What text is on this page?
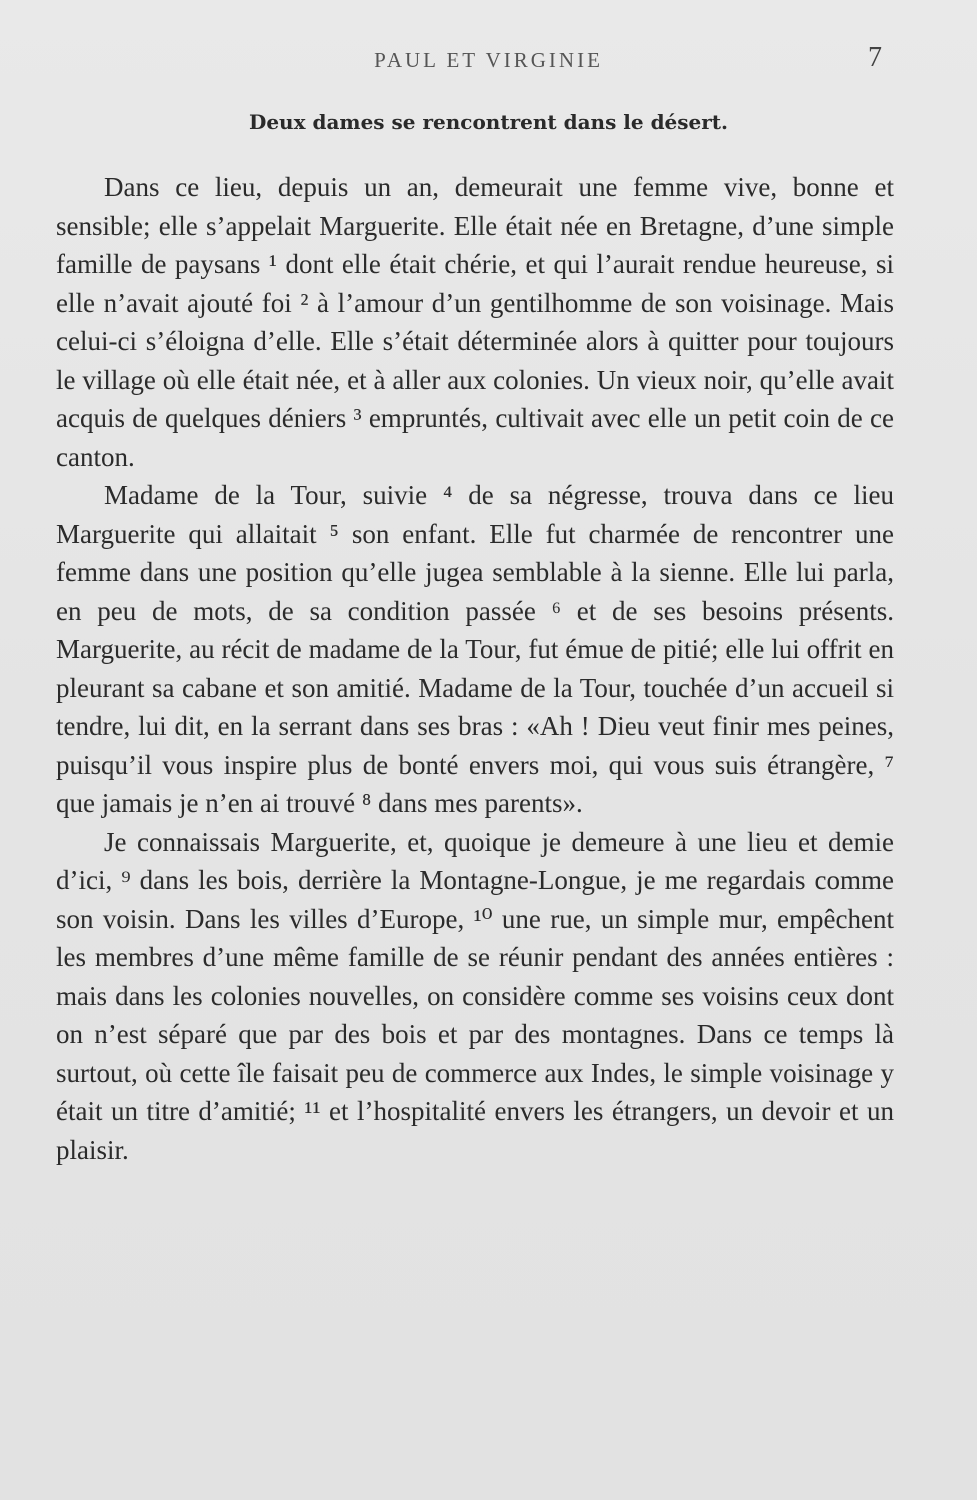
PAUL ET VIRGINIE	7
Deux dames se rencontrent dans le désert.

Dans ce lieu, depuis un an, demeurait une femme vive, bonne et sensible; elle s’appelait Marguerite. Elle était née en Bretagne, d’une simple famille de paysans ¹ dont elle était chérie, et qui l’aurait rendue heureuse, si elle n’avait ajouté foi ² à l’amour d’un gentilhomme de son voisinage. Mais celui-ci s’éloigna d’elle. Elle s’était déterminée alors à quitter pour toujours le village où elle était née, et à aller aux colonies. Un vieux noir, qu’elle avait acquis de quelques déniers ³ empruntés, cultivait avec elle un petit coin de ce canton.

Madame de la Tour, suivie ⁴ de sa négresse, trouva dans ce lieu Marguerite qui allaitait ⁵ son enfant. Elle fut charmée de rencontrer une femme dans une position qu’elle jugea semblable à la sienne. Elle lui parla, en peu de mots, de sa condition passée ⁶ et de ses besoins présents. Marguerite, au récit de madame de la Tour, fut émue de pitié; elle lui offrit en pleurant sa cabane et son amitié. Madame de la Tour, touchée d’un accueil si tendre, lui dit, en la serrant dans ses bras : «Ah ! Dieu veut finir mes peines, puisqu’il vous inspire plus de bonté envers moi, qui vous suis étrangère, ⁷ que jamais je n’en ai trouvé ⁸ dans mes parents».

Je connaissais Marguerite, et, quoique je demeure à une lieu et demie d’ici, ⁹ dans les bois, derrière la Montagne-Longue, je me regardais comme son voisin. Dans les villes d’Europe, ¹⁰ une rue, un simple mur, empêchent les membres d’une même famille de se réunir pendant des années entières : mais dans les colonies nouvelles, on considère comme ses voisins ceux dont on n’est séparé que par des bois et par des montagnes. Dans ce temps là surtout, où cette île faisait peu de commerce aux Indes, le simple voisinage y était un titre d’amitié; ¹¹ et l’hospitalité envers les étrangers, un devoir et un plaisir.
